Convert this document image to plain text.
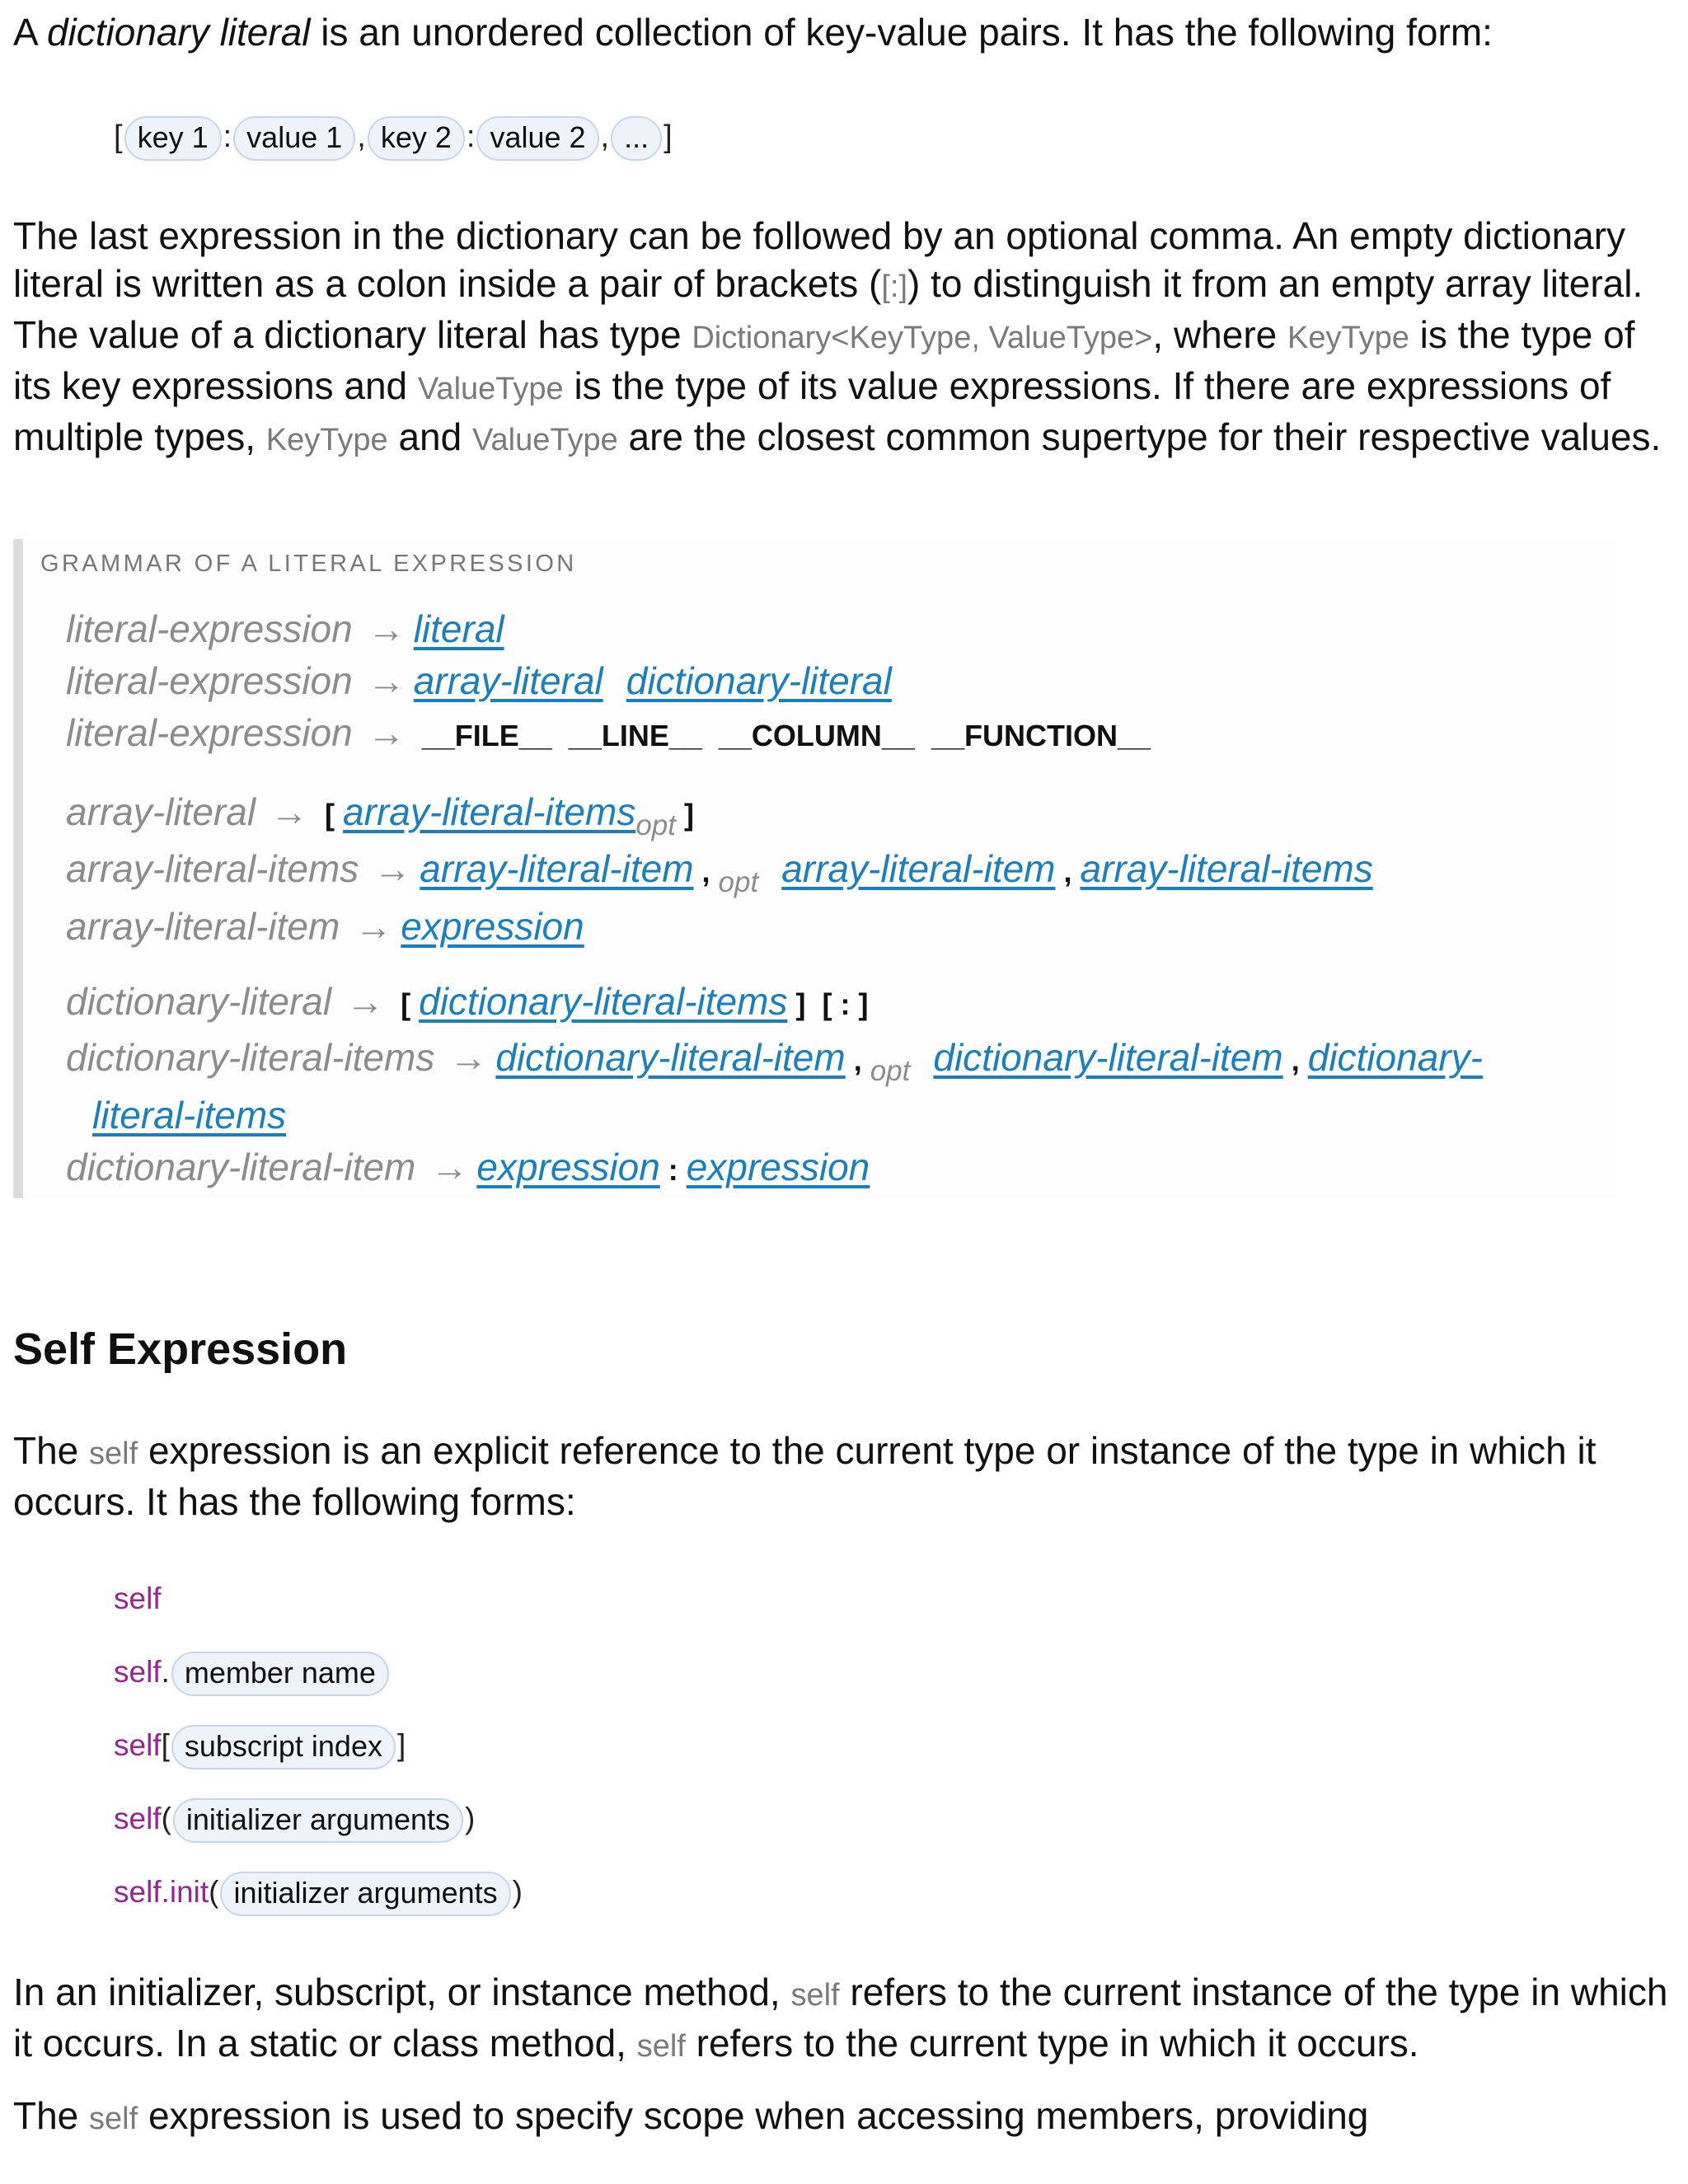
A dictionary literal is an unordered collection of key-value pairs. It has the following form:

[ key 1 : value 1 , key 2 : value 2 , ... ]

The last expression in the dictionary can be followed by an optional comma. An empty dictionary literal is written as a colon inside a pair of brackets ([:]) to distinguish it from an empty array literal. The value of a dictionary literal has type Dictionary<KeyType, ValueType>, where KeyType is the type of its key expressions and ValueType is the type of its value expressions. If there are expressions of multiple types, KeyType and ValueType are the closest common supertype for their respective values.

GRAMMAR OF A LITERAL EXPRESSION
literal-expression → literal
literal-expression → array-literal dictionary-literal
literal-expression → __FILE__ __LINE__ __COLUMN__ __FUNCTION__
array-literal → [ array-literal-items$_{opt}$ ]
array-literal-items → array-literal-item , $_{opt}$ array-literal-item , array-literal-items
array-literal-item → expression
dictionary-literal → [ dictionary-literal-items ] [ : ]
dictionary-literal-items → dictionary-literal-item , $_{opt}$ dictionary-literal-item , dictionary-
literal-items
dictionary-literal-item → expression : expression
Self Expression

The self expression is an explicit reference to the current type or instance of the type in which it occurs. It has the following forms:

self
self. member name
self[ subscript index ]
self( initializer arguments )
self.init( initializer arguments )

In an initializer, subscript, or instance method, self refers to the current instance of the type in which it occurs. In a static or class method, self refers to the current type in which it occurs.

The self expression is used to specify scope when accessing members, providing
